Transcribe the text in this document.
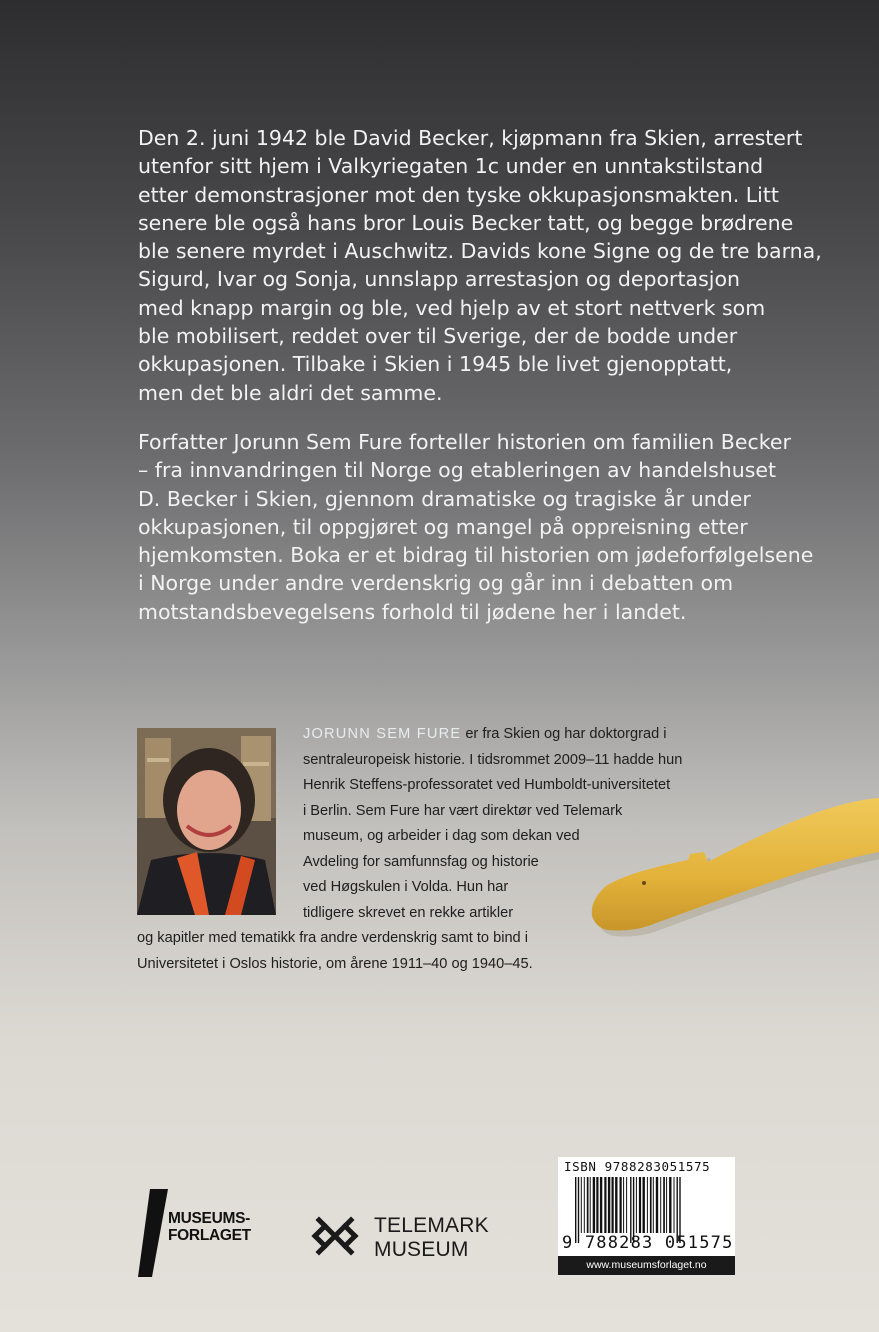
Den 2. juni 1942 ble David Becker, kjøpmann fra Skien, arrestert
utenfor sitt hjem i Valkyriegaten 1c under en unntakstilstand
etter demonstrasjoner mot den tyske okkupasjonsmakten. Litt
senere ble også hans bror Louis Becker tatt, og begge brødrene
ble senere myrdet i Auschwitz. Davids kone Signe og de tre barna,
Sigurd, Ivar og Sonja, unnslapp arrestasjon og deportasjon
med knapp margin og ble, ved hjelp av et stort nettverk som
ble mobilisert, reddet over til Sverige, der de bodde under
okkupasjonen. Tilbake i Skien i 1945 ble livet gjenopptatt,
men det ble aldri det samme.

Forfatter Jorunn Sem Fure forteller historien om familien Becker
– fra innvandringen til Norge og etableringen av handelshuset
D. Becker i Skien, gjennom dramatiske og tragiske år under
okkupasjonen, til oppgjøret og mangel på oppreisning etter
hjemkomsten. Boka er et bidrag til historien om jødeforfølgelsene
i Norge under andre verdenskrig og går inn i debatten om
motstandsbevegelsens forhold til jødene her i landet.

JORUNN SEM FURE er fra Skien og har doktorgrad i
sentraleuropeisk historie. I tidsrommet 2009–11 hadde hun
Henrik Steffens-professoratet ved Humboldt-universitetet
i Berlin. Sem Fure har vært direktør ved Telemark
museum, og arbeider i dag som dekan ved
Avdeling for samfunnsfag og historie
ved Høgskulen i Volda. Hun har
tidligere skrevet en rekke artikler
og kapitler med tematikk fra andre verdenskrig samt to bind i
Universitetet i Oslos historie, om årene 1911–40 og 1940–45.
MUSEUMS-
FORLAGET	TELEMARK
MUSEUM
ISBN 9788283051575
9 788283 051575
www.museumsforlaget.no
